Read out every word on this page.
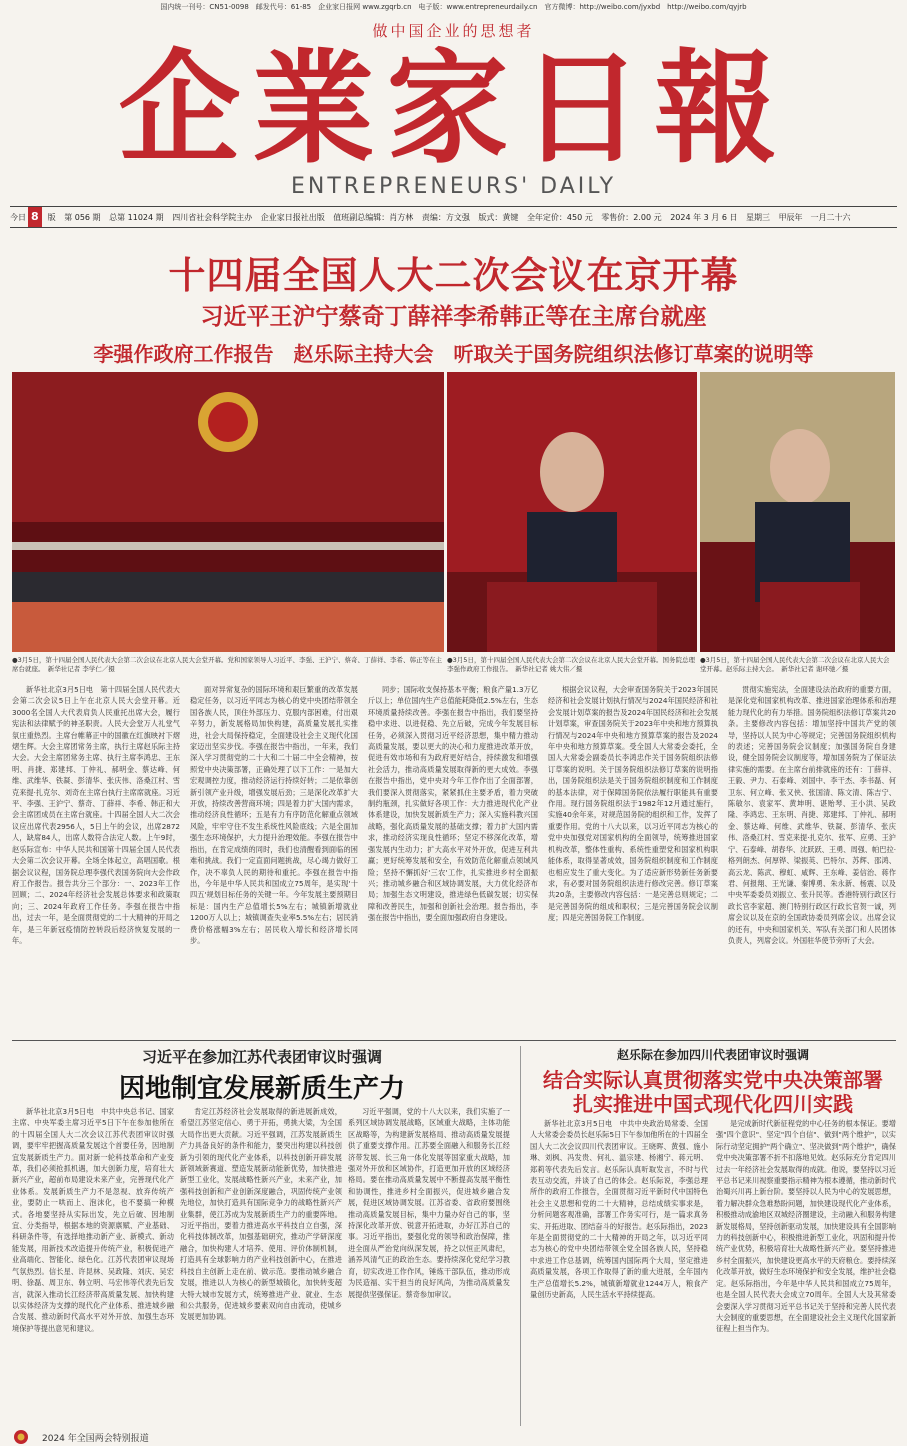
国内统一刊号：CN51-0098　邮发代号：61-85　企业家日报网 www.zgqrb.cn　电子版：www.entrepreneurdaily.cn　官方微博：http://weibo.com/jyxbd　http://weibo.com/qyjrb
做中国企业的思想者
企業家日報
ENTREPRENEURS' DAILY
今日 8 版 第 056 期 总第 11024 期 四川省社会科学院主办 企业家日报社出版 值班副总编辑：肖方林 责编：方文强 版式：黄键 全年定价：450 元 零售价：2.00 元 2024 年 3 月 6 日 星期三 甲辰年　一月二十六
十四届全国人大二次会议在京开幕
习近平王沪宁蔡奇丁薛祥李希韩正等在主席台就座
李强作政府工作报告　赵乐际主持大会　听取关于国务院组织法修订草案的说明等
●3月5日，第十四届全国人民代表大会第二次会议在北京人民大会堂开幕。党和国家领导人习近平、李强、王沪宁、蔡奇、丁薛祥、李希、韩正等在主席台就座。　新华社记者 李学仁／摄
●3月5日，第十四届全国人民代表大会第二次会议在北京人民大会堂开幕。国务院总理李强作政府工作报告。　新华社记者 姚大伟／摄
●3月5日，第十四届全国人民代表大会第二次会议在北京人民大会堂开幕。赵乐际主持大会。　新华社记者 谢环驰／摄

新华社北京3月5日电　第十四届全国人民代表大会第二次会议5日上午在北京人民大会堂开幕。近3000名全国人大代表肩负人民重托出席大会，履行宪法和法律赋予的神圣职责。人民大会堂万人礼堂气氛庄重热烈。主席台帷幕正中的国徽在红旗映衬下熠熠生辉。大会主席团常务主席，执行主席赵乐际主持大会。大会主席团常务主席、执行主席李鸿忠、王东明、肖捷、郑建邦、丁仲礼、郝明金、蔡达峰、何维、武维华、铁凝、彭清华、张庆伟、洛桑江村、雪克来提·扎克尔、刘奇在主席台执行主席席就座。习近平、李强、王沪宁、蔡奇、丁薛祥、李希、韩正和大会主席团成员在主席台就座。十四届全国人大二次会议应出席代表2956人，5日上午的会议，出席2872人，缺席84人，出席人数符合法定人数。上午9时，赵乐际宣布：中华人民共和国第十四届全国人民代表大会第二次会议开幕。全场全体起立，高唱国歌。根据会议议程，国务院总理李强代表国务院向大会作政府工作报告。报告共分三个部分：一、2023年工作回顾；二、2024年经济社会发展总体要求和政策取向；三、2024年政府工作任务。李强在报告中指出，过去一年，是全面贯彻党的二十大精神的开局之年，是三年新冠疫情防控转段后经济恢复发展的一年。

面对异常复杂的国际环境和艰巨繁重的改革发展稳定任务，以习近平同志为核心的党中央团结带领全国各族人民，顶住外部压力、克服内部困难，付出艰辛努力，新发展格局加快构建，高质量发展扎实推进，社会大局保持稳定，全面建设社会主义现代化国家迈出坚实步伐。李强在报告中指出，一年来，我们深入学习贯彻党的二十大和二十届二中全会精神，按照党中央决策部署，正确处理了以下工作：一是加大宏观调控力度，推动经济运行持续好转；二是依靠创新引领产业升级，增强发展后劲；三是深化改革扩大开放，持续改善营商环境；四是着力扩大国内需求，推动经济良性循环；五是有力有序防范化解重点领域风险，牢牢守住不发生系统性风险底线；六是全面加强生态环境保护，大力提升治理效能。李强在报告中指出，在肯定成绩的同时，我们也清醒看到面临的困难和挑战。我们一定直面问题挑战，尽心竭力做好工作，决不辜负人民的期待和重托。李强在报告中指出，今年是中华人民共和国成立75周年，是实现'十四五'规划目标任务的关键一年。今年发展主要预期目标是：国内生产总值增长5%左右；城镇新增就业1200万人以上；城镇调查失业率5.5%左右；居民消费价格涨幅3%左右；居民收入增长和经济增长同步。

同步；国际收支保持基本平衡；粮食产量1.3万亿斤以上；单位国内生产总值能耗降低2.5%左右，生态环境质量持续改善。李强在报告中指出，我们要坚持稳中求进、以进促稳、先立后破，完成今年发展目标任务，必须深入贯彻习近平经济思想，集中精力推动高质量发展，要以更大的决心和力度推进改革开放，促进有效市场和有为政府更好结合，持续激发和增强社会活力，推动高质量发展取得新的更大成效。李强在报告中指出，党中央对今年工作作出了全面部署，我们要深入贯彻落实，紧紧抓住主要矛盾，着力突破制约瓶颈，扎实做好各项工作：大力推进现代化产业体系建设，加快发展新质生产力；深入实施科教兴国战略，强化高质量发展的基础支撑；着力扩大国内需求，推动经济实现良性循环；坚定不移深化改革，增强发展内生动力；扩大高水平对外开放，促进互利共赢；更好统筹发展和安全，有效防范化解重点领域风险；坚持不懈抓好'三农'工作，扎实推进乡村全面振兴；推动城乡融合和区域协调发展，大力优化经济布局；加强生态文明建设，推进绿色低碳发展；切实保障和改善民生，加强和创新社会治理。报告指出，李强在报告中指出，要全面加强政府自身建设。

根据会议议程，大会审查国务院关于2023年国民经济和社会发展计划执行情况与2024年国民经济和社会发展计划草案的报告及2024年国民经济和社会发展计划草案，审查国务院关于2023年中央和地方预算执行情况与2024年中央和地方预算草案的报告及2024年中央和地方预算草案。受全国人大常委会委托，全国人大常委会副委员长李鸿忠作关于国务院组织法修订草案的说明。关于国务院组织法修订草案的说明指出，国务院组织法是关于国务院组织制度和工作制度的基本法律，对于保障国务院依法履行职能具有重要作用。现行国务院组织法于1982年12月通过施行，实施40余年来，对规范国务院的组织和工作，发挥了重要作用。党的十八大以来，以习近平同志为核心的党中央加强党对国家机构的全面领导，统筹推进国家机构改革，整体性重构、系统性重塑党和国家机构职能体系，取得显著成效，国务院组织制度和工作制度也相应发生了重大变化。为了适应新形势新任务新要求，有必要对国务院组织法进行修改完善。修订草案共20条，主要修改内容包括：一是完善总则规定；二是完善国务院的组成和职权；三是完善国务院会议制度；四是完善国务院工作制度。

贯彻实施宪法，全面建设法治政府的重要方面，是深化党和国家机构改革、推进国家治理体系和治理能力现代化的有力举措。国务院组织法修订草案共20条。主要修改内容包括：增加坚持中国共产党的领导，坚持以人民为中心等规定；完善国务院组织机构的表述；完善国务院会议制度；加强国务院自身建设，健全国务院会议制度等，增加国务院为了保证法律实施的需要。在主席台前排就座的还有：丁薛祥、王毅、尹力、石泰峰、刘国中、李干杰、李书磊、何卫东、何立峰、张又侠、张国清、陈文清、陈吉宁、陈敏尔、袁家军、黄坤明、谌贻琴、王小洪、吴政隆、李鸿忠、王东明、肖捷、郑建邦、丁仲礼、郝明金、蔡达峰、何维、武维华、铁凝、彭清华、张庆伟、洛桑江村、雪克来提·扎克尔、张军、应勇、王沪宁、石泰峰、胡春华、沈跃跃、王勇、周强、帕巴拉·格列朗杰、何厚铧、梁振英、巴特尔、苏辉、邵鸿、高云龙、陈武、穆虹、咸辉、王东峰、姜信治、蒋作君、何报翔、王光谦、秦博勇、朱永新、杨震、以及中央军委委员刘振立、张升民等。香港特别行政区行政长官李家超、澳门特别行政区行政长官贺一诚，列席会议以及在京的全国政协委员列席会议。出席会议的还有，中央和国家机关、军队有关部门和人民团体负责人，列席会议。外国驻华使节旁听了大会。

习近平在参加江苏代表团审议时强调
因地制宜发展新质生产力

新华社北京3月5日电　中共中央总书记、国家主席、中央军委主席习近平5日下午在参加他所在的十四届全国人大二次会议江苏代表团审议时强调，要牢牢把握高质量发展这个首要任务，因地制宜发展新质生产力。面对新一轮科技革命和产业变革，我们必须抢抓机遇，加大创新力度，培育壮大新兴产业，超前布局建设未来产业，完善现代化产业体系。发展新质生产力不是忽视、放弃传统产业，要防止一哄而上、泡沫化，也不要搞一种模式。各地要坚持从实际出发，先立后破、因地制宜、分类指导，根据本地的资源禀赋、产业基础、科研条件等，有选择地推动新产业、新模式、新动能发展，用新技术改造提升传统产业，积极促进产业高端化、智能化、绿色化。江苏代表团审议现场气氛热烈。信长星、许昆林、吴政隆、刘庆、吴宏明、徐磊、周卫东、韩立明、马宏伟等代表先后发言，就深入推动长江经济带高质量发展、加快构建以实体经济为支撑的现代化产业体系、推进城乡融合发展、推动新时代高水平对外开放、加强生态环境保护等提出意见和建议。

肯定江苏经济社会发展取得的新进展新成效，希望江苏坚定信心、勇于开拓，勇挑大梁，为全国大局作出更大贡献。习近平强调，江苏发展新质生产力具备良好的条件和能力，要突出构建以科技创新为引领的现代化产业体系，以科技创新开辟发展新领域新赛道、塑造发展新动能新优势，加快推进新型工业化，发展战略性新兴产业，未来产业，加强科技创新和产业创新深度融合，巩固传统产业领先地位，加快打造具有国际竞争力的战略性新兴产业集群，使江苏成为发展新质生产力的重要阵地。习近平指出，要着力推进高水平科技自立自强，深化科技体制改革，加强基础研究，推动产学研深度融合，加快构建人才培养、使用、评价体制机制，打造具有全球影响力的产业科技创新中心，在推进科技自主创新上走在前、做示范。要推动城乡融合发展，推进以人为核心的新型城镇化，加快转变超大特大城市发展方式，统筹推进产业、就业、生态和公共服务，促进城乡要素双向自由流动，使城乡发展更加协调。

习近平强调，党的十八大以来，我们实施了一系列区域协调发展战略，区域重大战略，主体功能区战略等，为构建新发展格局、推动高质量发展提供了重要支撑作用。江苏要全面融入和服务长江经济带发展、长三角一体化发展等国家重大战略，加强对外开放和区域协作，打造更加开放的区域经济格局。要在推动高质量发展中不断提高发展平衡性和协调性，推进乡村全面振兴，促进城乡融合发展，促进区域协调发展。江苏省委、省政府要围绕推动高质量发展目标，集中力量办好自己的事，坚持深化改革开放、锐意开拓进取，办好江苏自己的事。习近平指出，要强化党的领导和政治保障，推进全面从严治党向纵深发展，持之以恒正风肃纪，涵养风清气正的政治生态。要持续深化党纪学习教育，切实改进工作作风，锤炼干部队伍，推动形成为民造福、实干担当的良好风尚，为推动高质量发展提供坚强保证。蔡奇参加审议。

赵乐际在参加四川代表团审议时强调
结合实际认真贯彻落实党中央决策部署
扎实推进中国式现代化四川实践

新华社北京3月5日电　中共中央政治局常委、全国人大常委会委员长赵乐际5日下午参加他所在的十四届全国人大二次会议四川代表团审议。王晓晖、黄强、施小琳、刘枫、冯发贵、何礼、温宗建、杨湘宁、蒋元明、郑莉等代表先后发言。赵乐际认真听取发言，不时与代表互动交流，并谈了自己的体会。赵乐际说，李强总理所作的政府工作报告，全面贯彻习近平新时代中国特色社会主义思想和党的二十大精神，总结成绩实事求是，分析问题客观准确，部署工作务实可行，是一篇求真务实、开拓进取、团结奋斗的好报告。赵乐际指出，2023年是全面贯彻党的二十大精神的开局之年，以习近平同志为核心的党中央团结带领全党全国各族人民，坚持稳中求进工作总基调，统筹国内国际两个大局，坚定推进高质量发展，各项工作取得了新的重大进展，全年国内生产总值增长5.2%，城镇新增就业1244万人，粮食产量创历史新高，人民生活水平持续提高。

是完成新时代新征程党的中心任务的根本保证。要增强"四个意识"、坚定"四个自信"、做到"两个维护"，以实际行动坚定拥护"两个确立"、坚决做到"两个维护"，确保党中央决策部署不折不扣落地见效。赵乐际充分肯定四川过去一年经济社会发展取得的成就。他说，要坚持以习近平总书记来川视察重要指示精神为根本遵循，推动新时代治蜀兴川再上新台阶。要坚持以人民为中心的发展思想，着力解决群众急难愁盼问题，加快建设现代化产业体系，积极推动成渝地区双城经济圈建设，主动融入和服务构建新发展格局，坚持创新驱动发展，加快建设具有全国影响力的科技创新中心，积极推进新型工业化，巩固和提升传统产业优势，积极培育壮大战略性新兴产业。要坚持推进乡村全面振兴，加快建设更高水平的天府粮仓。要持续深化改革开放，做好生态环境保护和安全发展，维护社会稳定。赵乐际指出，今年是中华人民共和国成立75周年，也是全国人民代表大会成立70周年。全国人大及其常委会要深入学习贯彻习近平总书记关于坚持和完善人民代表大会制度的重要思想，在全面建设社会主义现代化国家新征程上担当作为。

2024 年全国两会特别报道
